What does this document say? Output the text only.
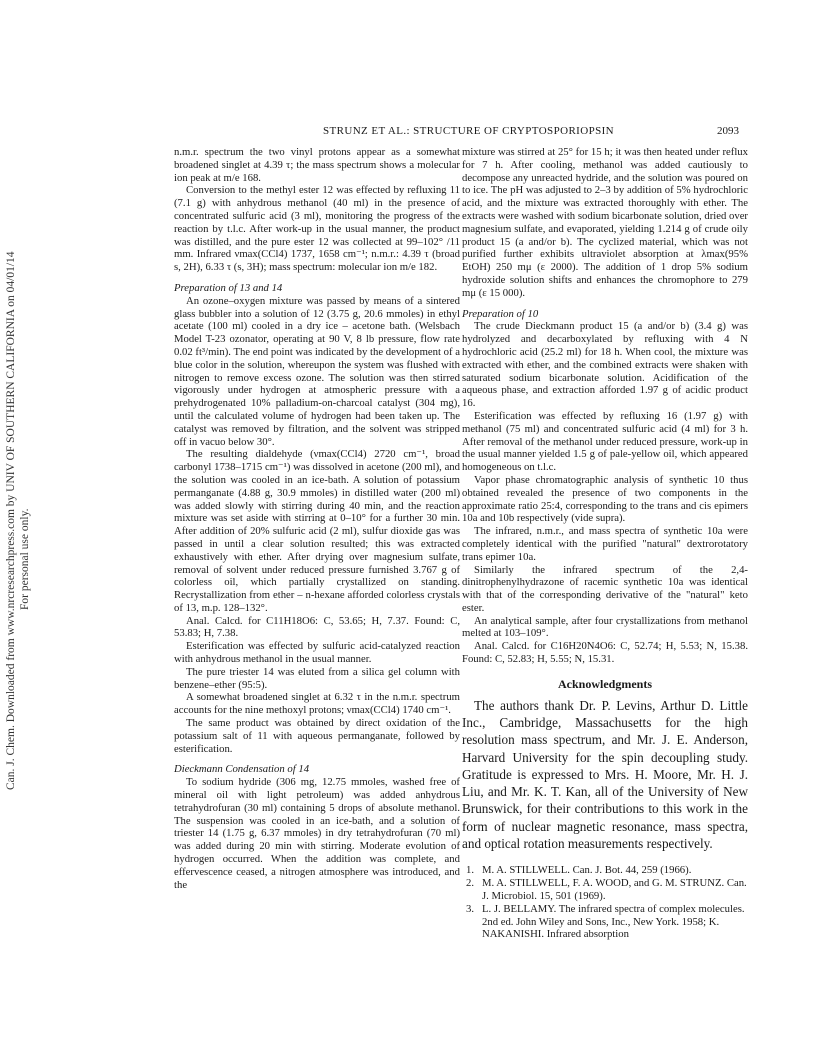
Can. J. Chem. Downloaded from www.nrcresearchpress.com by UNIV OF SOUTHERN CALIFORNIA on 04/01/14 For personal use only.
STRUNZ ET AL.: STRUCTURE OF CRYPTOSPORIOPSIN	2093

n.m.r. spectrum the two vinyl protons appear as a somewhat broadened singlet at 4.39 τ; the mass spectrum shows a molecular ion peak at m/e 168.

Conversion to the methyl ester 12 was effected by refluxing 11 (7.1 g) with anhydrous methanol (40 ml) in the presence of concentrated sulfuric acid (3 ml), monitoring the progress of the reaction by t.l.c. After work-up in the usual manner, the product was distilled, and the pure ester 12 was collected at 99–102° /11 mm. Infrared νmax(CCl4) 1737, 1658 cm⁻¹; n.m.r.: 4.39 τ (broad s, 2H), 6.33 τ (s, 3H); mass spectrum: molecular ion m/e 182.

Preparation of 13 and 14

An ozone–oxygen mixture was passed by means of a sintered glass bubbler into a solution of 12 (3.75 g, 20.6 mmoles) in ethyl acetate (100 ml) cooled in a dry ice – acetone bath. (Welsbach Model T-23 ozonator, operating at 90 V, 8 lb pressure, flow rate 0.02 ft³/min). The end point was indicated by the development of a blue color in the solution, whereupon the system was flushed with nitrogen to remove excess ozone. The solution was then stirred vigorously under hydrogen at atmospheric pressure with a prehydrogenated 10% palladium-on-charcoal catalyst (304 mg), until the calculated volume of hydrogen had been taken up. The catalyst was removed by filtration, and the solvent was stripped off in vacuo below 30°.

The resulting dialdehyde (νmax(CCl4) 2720 cm⁻¹, broad carbonyl 1738–1715 cm⁻¹) was dissolved in acetone (200 ml), and the solution was cooled in an ice-bath. A solution of potassium permanganate (4.88 g, 30.9 mmoles) in distilled water (200 ml) was added slowly with stirring during 40 min, and the reaction mixture was set aside with stirring at 0–10° for a further 30 min. After addition of 20% sulfuric acid (2 ml), sulfur dioxide gas was passed in until a clear solution resulted; this was extracted exhaustively with ether. After drying over magnesium sulfate, removal of solvent under reduced pressure furnished 3.767 g of colorless oil, which partially crystallized on standing. Recrystallization from ether – n-hexane afforded colorless crystals of 13, m.p. 128–132°.

Anal. Calcd. for C11H18O6: C, 53.65; H, 7.37. Found: C, 53.83; H, 7.38.

Esterification was effected by sulfuric acid-catalyzed reaction with anhydrous methanol in the usual manner.

The pure triester 14 was eluted from a silica gel column with benzene–ether (95:5).

A somewhat broadened singlet at 6.32 τ in the n.m.r. spectrum accounts for the nine methoxyl protons; νmax(CCl4) 1740 cm⁻¹.

The same product was obtained by direct oxidation of the potassium salt of 11 with aqueous permanganate, followed by esterification.

Dieckmann Condensation of 14

To sodium hydride (306 mg, 12.75 mmoles, washed free of mineral oil with light petroleum) was added anhydrous tetrahydrofuran (30 ml) containing 5 drops of absolute methanol. The suspension was cooled in an ice-bath, and a solution of triester 14 (1.75 g, 6.37 mmoles) in dry tetrahydrofuran (70 ml) was added during 20 min with stirring. Moderate evolution of hydrogen occurred. When the addition was complete, and effervescence ceased, a nitrogen atmosphere was introduced, and the

mixture was stirred at 25° for 15 h; it was then heated under reflux for 7 h. After cooling, methanol was added cautiously to decompose any unreacted hydride, and the solution was poured on to ice. The pH was adjusted to 2–3 by addition of 5% hydrochloric acid, and the mixture was extracted thoroughly with ether. The extracts were washed with sodium bicarbonate solution, dried over magnesium sulfate, and evaporated, yielding 1.214 g of crude oily product 15 (a and/or b). The cyclized material, which was not purified further exhibits ultraviolet absorption at λmax(95% EtOH) 250 mμ (ε 2000). The addition of 1 drop 5% sodium hydroxide solution shifts and enhances the chromophore to 279 mμ (ε 15 000).

Preparation of 10

The crude Dieckmann product 15 (a and/or b) (3.4 g) was hydrolyzed and decarboxylated by refluxing with 4 N hydrochloric acid (25.2 ml) for 18 h. When cool, the mixture was extracted with ether, and the combined extracts were shaken with saturated sodium bicarbonate solution. Acidification of the aqueous phase, and extraction afforded 1.97 g of acidic product 16.

Esterification was effected by refluxing 16 (1.97 g) with methanol (75 ml) and concentrated sulfuric acid (4 ml) for 3 h. After removal of the methanol under reduced pressure, work-up in the usual manner yielded 1.5 g of pale-yellow oil, which appeared homogeneous on t.l.c.

Vapor phase chromatographic analysis of synthetic 10 thus obtained revealed the presence of two components in the approximate ratio 25:4, corresponding to the trans and cis epimers 10a and 10b respectively (vide supra).

The infrared, n.m.r., and mass spectra of synthetic 10a were completely identical with the purified "natural" dextrorotatory trans epimer 10a.

Similarly the infrared spectrum of the 2,4-dinitrophenylhydrazone of racemic synthetic 10a was identical with that of the corresponding derivative of the "natural" keto ester.

An analytical sample, after four crystallizations from methanol melted at 103–109°.

Anal. Calcd. for C16H20N4O6: C, 52.74; H, 5.53; N, 15.38. Found: C, 52.83; H, 5.55; N, 15.31.

Acknowledgments

The authors thank Dr. P. Levins, Arthur D. Little Inc., Cambridge, Massachusetts for the high resolution mass spectrum, and Mr. J. E. Anderson, Harvard University for the spin decoupling study. Gratitude is expressed to Mrs. H. Moore, Mr. H. J. Liu, and Mr. K. T. Kan, all of the University of New Brunswick, for their contributions to this work in the form of nuclear magnetic resonance, mass spectra, and optical rotation measurements respectively.

1. M. A. STILLWELL. Can. J. Bot. 44, 259 (1966).
2. M. A. STILLWELL, F. A. WOOD, and G. M. STRUNZ. Can. J. Microbiol. 15, 501 (1969).
3. L. J. BELLAMY. The infrared spectra of complex molecules. 2nd ed. John Wiley and Sons, Inc., New York. 1958; K. NAKANISHI. Infrared absorption
